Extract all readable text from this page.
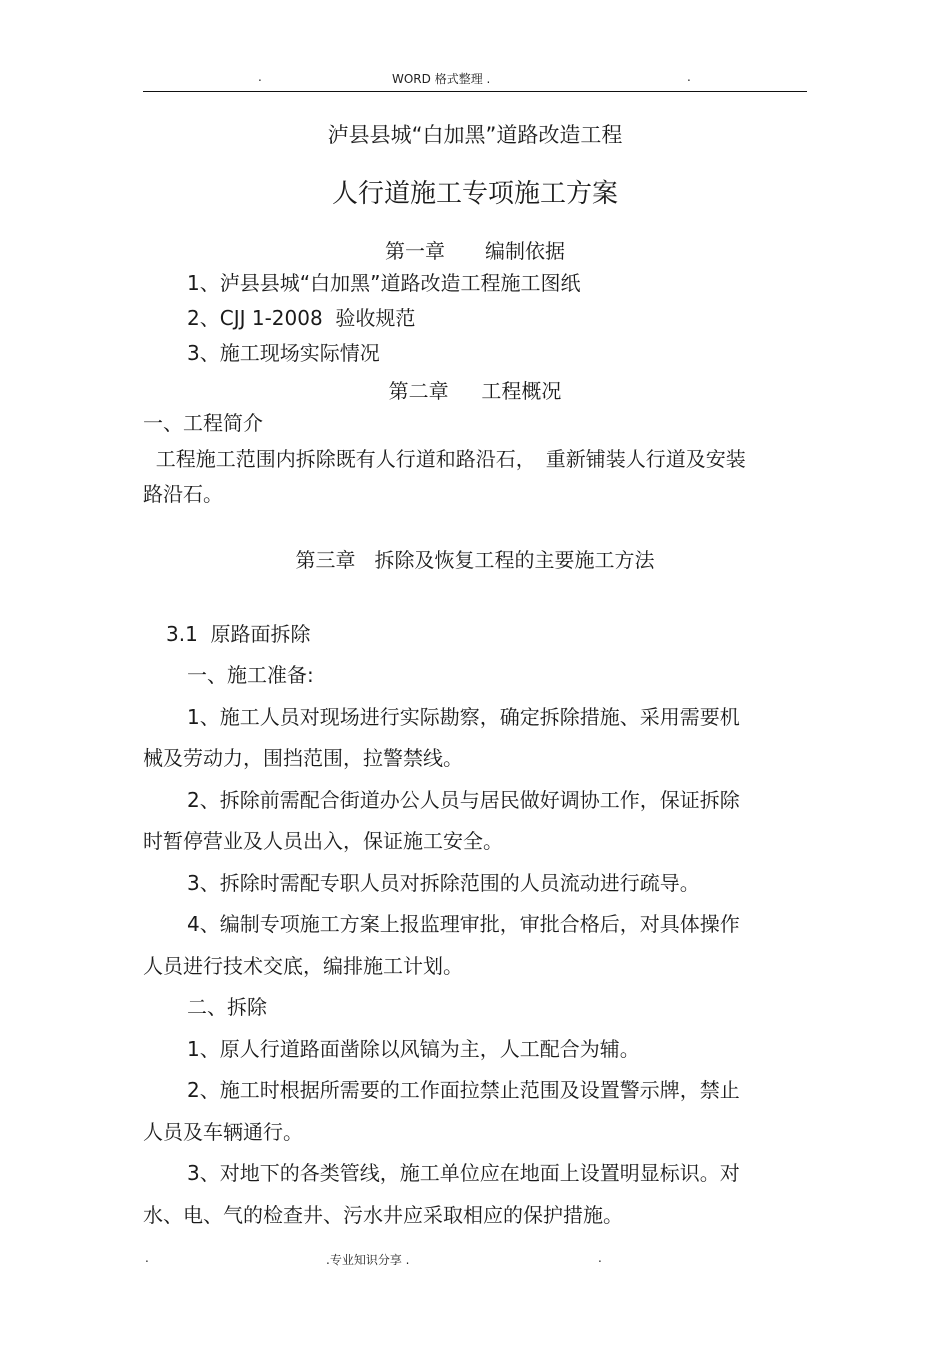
.	WORD 格式整理 .	.
泸县县城“白加黑”道路改造工程
人行道施工专项施工方案
第一章　　编制依据
1、泸县县城“白加黑”道路改造工程施工图纸
2、CJJ 1-2008  验收规范
3、施工现场实际情况
第二章　  工程概况
一、工程简介
工程施工范围内拆除既有人行道和路沿石，　重新铺装人行道及安装
路沿石。
第三章   拆除及恢复工程的主要施工方法
3.1  原路面拆除
一、施工准备:
1、施工人员对现场进行实际勘察，确定拆除措施、采用需要机
械及劳动力，围挡范围，拉警禁线。
2、拆除前需配合街道办公人员与居民做好调协工作，保证拆除
时暂停营业及人员出入，保证施工安全。
3、拆除时需配专职人员对拆除范围的人员流动进行疏导。
4、编制专项施工方案上报监理审批，审批合格后，对具体操作
人员进行技术交底，编排施工计划。
二、拆除
1、原人行道路面凿除以风镐为主，人工配合为辅。
2、施工时根据所需要的工作面拉禁止范围及设置警示牌，禁止
人员及车辆通行。
3、对地下的各类管线，施工单位应在地面上设置明显标识。对
水、电、气的检查井、污水井应采取相应的保护措施。
.	.专业知识分享 .	.
